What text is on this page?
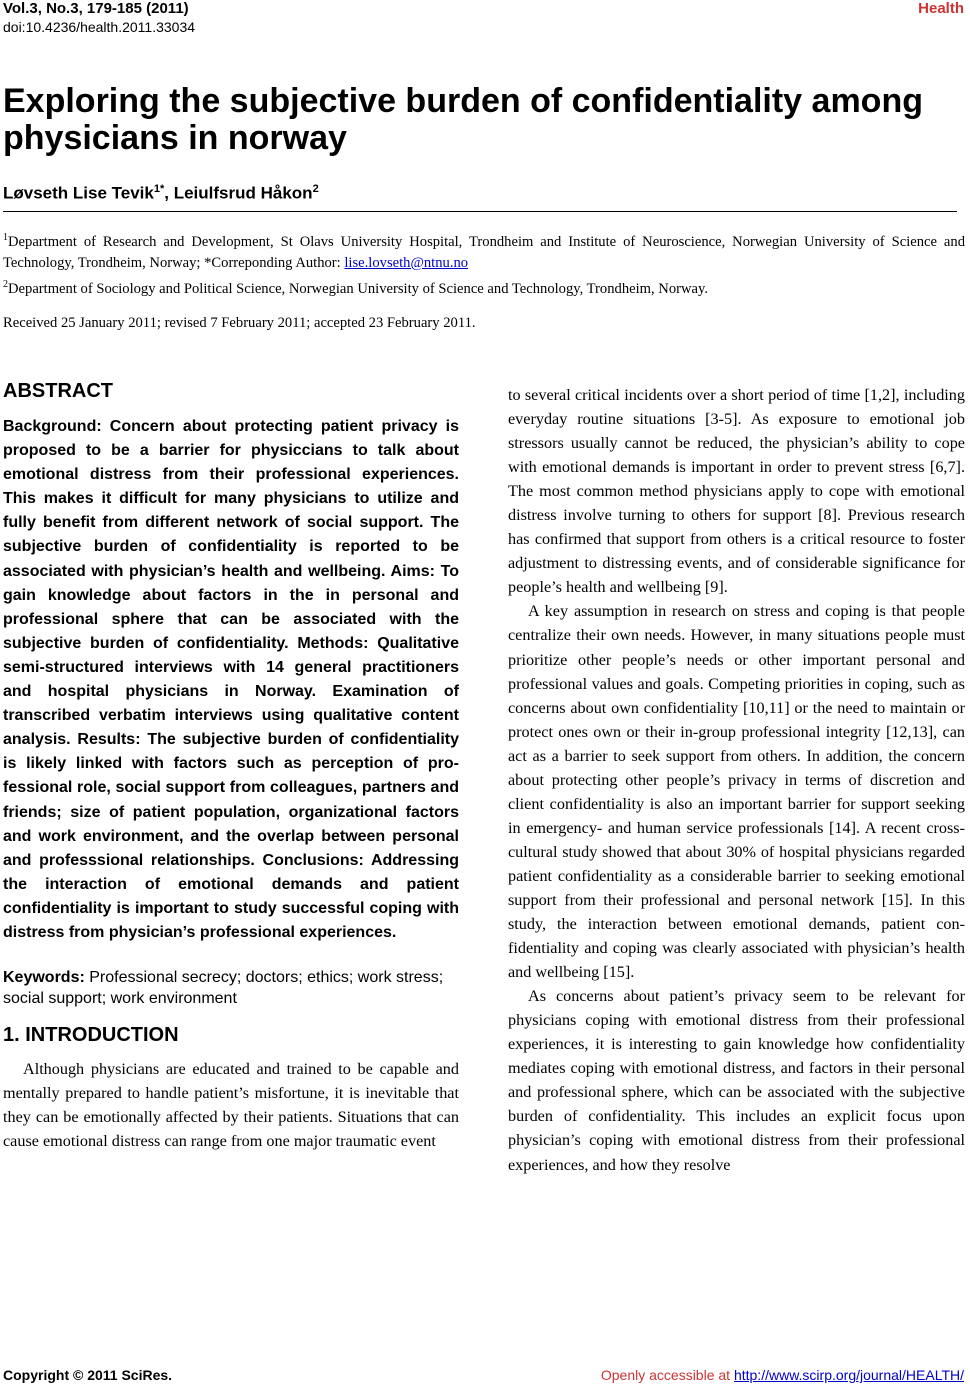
Vol.3, No.3, 179-185 (2011)
doi:10.4236/health.2011.33034
Health
Exploring the subjective burden of confidentiality among physicians in norway
Løvseth Lise Tevik$^{1*}$, Leiulfsrud Håkon$^2$

$^1$Department of Research and Development, St Olavs University Hospital, Trondheim and Institute of Neuroscience, Norwegian University of Science and Technology, Trondheim, Norway; *Correponding Author: lise.lovseth@ntnu.no

$^2$Department of Sociology and Political Science, Norwegian University of Science and Technology, Trondheim, Norway.

Received 25 January 2011; revised 7 February 2011; accepted 23 February 2011.
ABSTRACT

Background: Concern about protecting patient privacy is proposed to be a barrier for physiccians to talk about emotional distress from their professional experiences. This makes it difficult for many physicians to utilize and fully benefit from different network of social support. The subjective burden of confidentiality is reported to be associated with physician’s health and wellbeing. Aims: To gain knowledge about factors in the in personal and professional sphere that can be associated with the subjective burden of confidentiality. Methods: Qualitative semi-structured interviews with 14 general practitioners and hospital physicians in Norway. Examination of transcribed verbatim interviews using qualitative content analysis. Results: The subjective burden of confidentiality is likely linked with factors such as perception of professional role, social support from colleagues, partners and friends; size of patient population, organizational factors and work environment, and the overlap between personal and professsional relationships. Conclusions: Addressing the interaction of emotional demands and patient confidentiality is important to study successful coping with distress from physician’s professional experiences.

Keywords: Professional secrecy; doctors; ethics; work stress; social support; work environment

1. INTRODUCTION

Although physicians are educated and trained to be capable and mentally prepared to handle patient’s misfortune, it is inevitable that they can be emotionally affected by their patients. Situations that can cause emotional distress can range from one major traumatic event

to several critical incidents over a short period of time [1,2], including everyday routine situations [3-5]. As exposure to emotional job stressors usually cannot be reduced, the physician’s ability to cope with emotional demands is important in order to prevent stress [6,7]. The most common method physicians apply to cope with emotional distress involve turning to others for support [8]. Previous research has confirmed that support from others is a critical resource to foster adjustment to distressing events, and of considerable significance for people’s health and wellbeing [9].

A key assumption in research on stress and coping is that people centralize their own needs. However, in many situations people must prioritize other people’s needs or other important personal and professional values and goals. Competing priorities in coping, such as concerns about own confidentiality [10,11] or the need to maintain or protect ones own or their in-group professional integrity [12,13], can act as a barrier to seek support from others. In addition, the concern about protecting other people’s privacy in terms of discretion and client confidentiality is also an important barrier for support seeking in emergency- and human service professionals [14]. A recent cross-cultural study showed that about 30% of hospital physicians regarded patient confidentiality as a considerable barrier to seeking emotional support from their professional and personal network [15]. In this study, the interaction between emotional demands, patient confidentiality and coping was clearly associated with physician’s health and wellbeing [15].

As concerns about patient’s privacy seem to be relevant for physicians coping with emotional distress from their professional experiences, it is interesting to gain knowledge how confidentiality mediates coping with emotional distress, and factors in their personal and professional sphere, which can be associated with the subjective burden of confidentiality. This includes an explicit focus upon physician’s coping with emotional distress from their professional experiences, and how they resolve

Copyright © 2011 SciRes.	Openly accessible at http://www.scirp.org/journal/HEALTH/
